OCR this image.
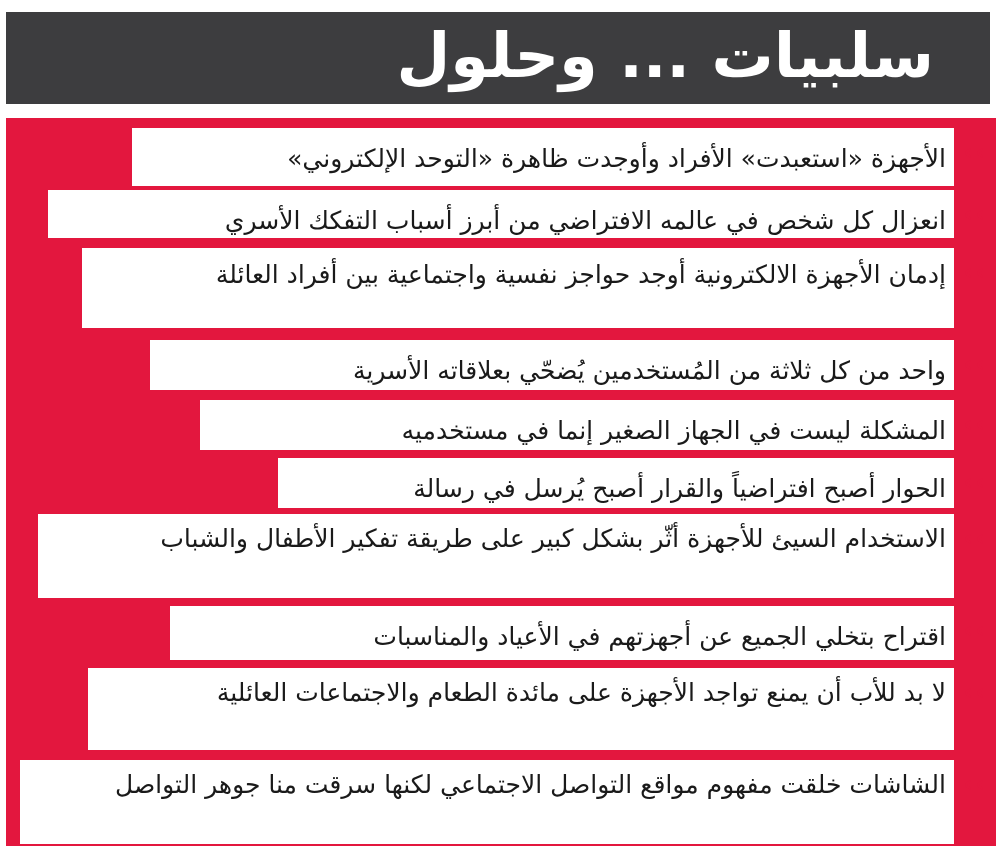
سلبيات ... وحلول
الأجهزة «استعبدت» الأفراد وأوجدت ظاهرة «التوحد الإلكتروني» ‹ ‹
انعزال كل شخص في عالمه الافتراضي من أبرز أسباب التفكك الأسري ‹ ‹
إدمان الأجهزة الالكترونية أوجد حواجز نفسية واجتماعية بين أفراد العائلة ‹ ‹
واحد من كل ثلاثة من المُستخدمين يُضحّي بعلاقاته الأسرية ‹ ‹
المشكلة ليست في الجهاز الصغير إنما في مستخدميه ‹ ‹
الحوار أصبح افتراضياً والقرار أصبح يُرسل في رسالة ‹ ‹
الاستخدام السيئ للأجهزة أثّر بشكل كبير على طريقة تفكير الأطفال والشباب ‹ ‹
اقتراح بتخلي الجميع عن أجهزتهم في الأعياد والمناسبات ‹ ‹
لا بد للأب أن يمنع تواجد الأجهزة على مائدة الطعام والاجتماعات العائلية ‹ ‹
الشاشات خلقت مفهوم مواقع التواصل الاجتماعي لكنها سرقت منا جوهر التواصل ‹ ‹
